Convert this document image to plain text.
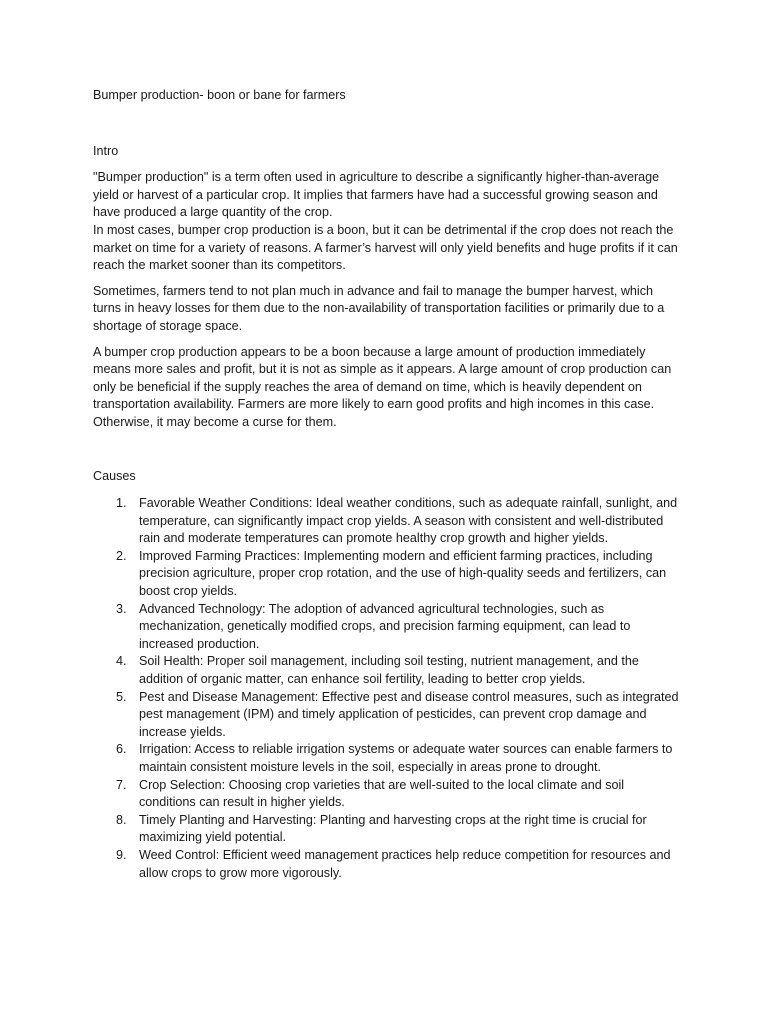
Bumper production- boon or bane for farmers
Intro

"Bumper production" is a term often used in agriculture to describe a significantly higher-than-average yield or harvest of a particular crop. It implies that farmers have had a successful growing season and have produced a large quantity of the crop.
In most cases, bumper crop production is a boon, but it can be detrimental if the crop does not reach the market on time for a variety of reasons. A farmer’s harvest will only yield benefits and huge profits if it can reach the market sooner than its competitors.

Sometimes, farmers tend to not plan much in advance and fail to manage the bumper harvest, which turns in heavy losses for them due to the non-availability of transportation facilities or primarily due to a shortage of storage space.

A bumper crop production appears to be a boon because a large amount of production immediately means more sales and profit, but it is not as simple as it appears. A large amount of crop production can only be beneficial if the supply reaches the area of demand on time, which is heavily dependent on transportation availability. Farmers are more likely to earn good profits and high incomes in this case. Otherwise, it may become a curse for them.

Causes
1. Favorable Weather Conditions: Ideal weather conditions, such as adequate rainfall, sunlight, and temperature, can significantly impact crop yields. A season with consistent and well-distributed rain and moderate temperatures can promote healthy crop growth and higher yields.
2. Improved Farming Practices: Implementing modern and efficient farming practices, including precision agriculture, proper crop rotation, and the use of high-quality seeds and fertilizers, can boost crop yields.
3. Advanced Technology: The adoption of advanced agricultural technologies, such as mechanization, genetically modified crops, and precision farming equipment, can lead to increased production.
4. Soil Health: Proper soil management, including soil testing, nutrient management, and the addition of organic matter, can enhance soil fertility, leading to better crop yields.
5. Pest and Disease Management: Effective pest and disease control measures, such as integrated pest management (IPM) and timely application of pesticides, can prevent crop damage and increase yields.
6. Irrigation: Access to reliable irrigation systems or adequate water sources can enable farmers to maintain consistent moisture levels in the soil, especially in areas prone to drought.
7. Crop Selection: Choosing crop varieties that are well-suited to the local climate and soil conditions can result in higher yields.
8. Timely Planting and Harvesting: Planting and harvesting crops at the right time is crucial for maximizing yield potential.
9. Weed Control: Efficient weed management practices help reduce competition for resources and allow crops to grow more vigorously.
